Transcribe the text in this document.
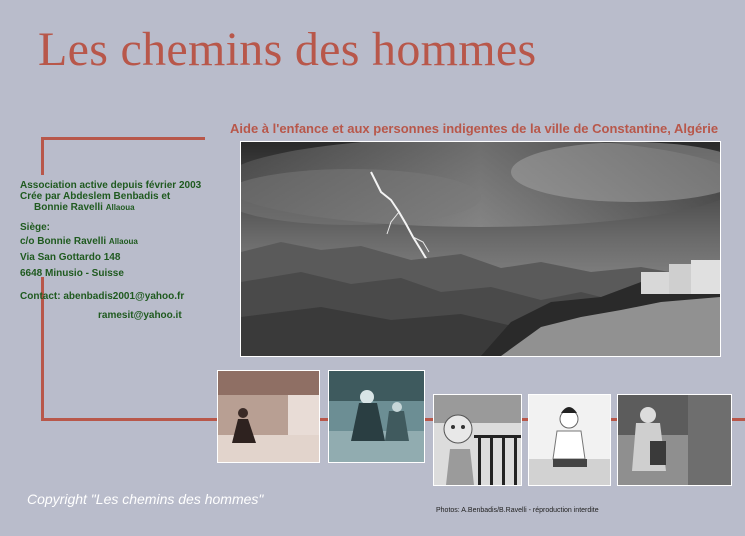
Les chemins des hommes
Aide à l'enfance et aux personnes indigentes de la ville de Constantine, Algérie
Association active depuis février 2003
Crée par Abdeslem Benbadis et
Bonnie Ravelli Allaoua
Siège:
c/o Bonnie Ravelli Allaoua
Via San Gottardo 148
6648 Minusio - Suisse
Contact: abenbadis2001@yahoo.fr
ramesit@yahoo.it
Copyright "Les chemins des hommes"
Photos: A.Benbadis/B.Ravelli - réproduction interdite
